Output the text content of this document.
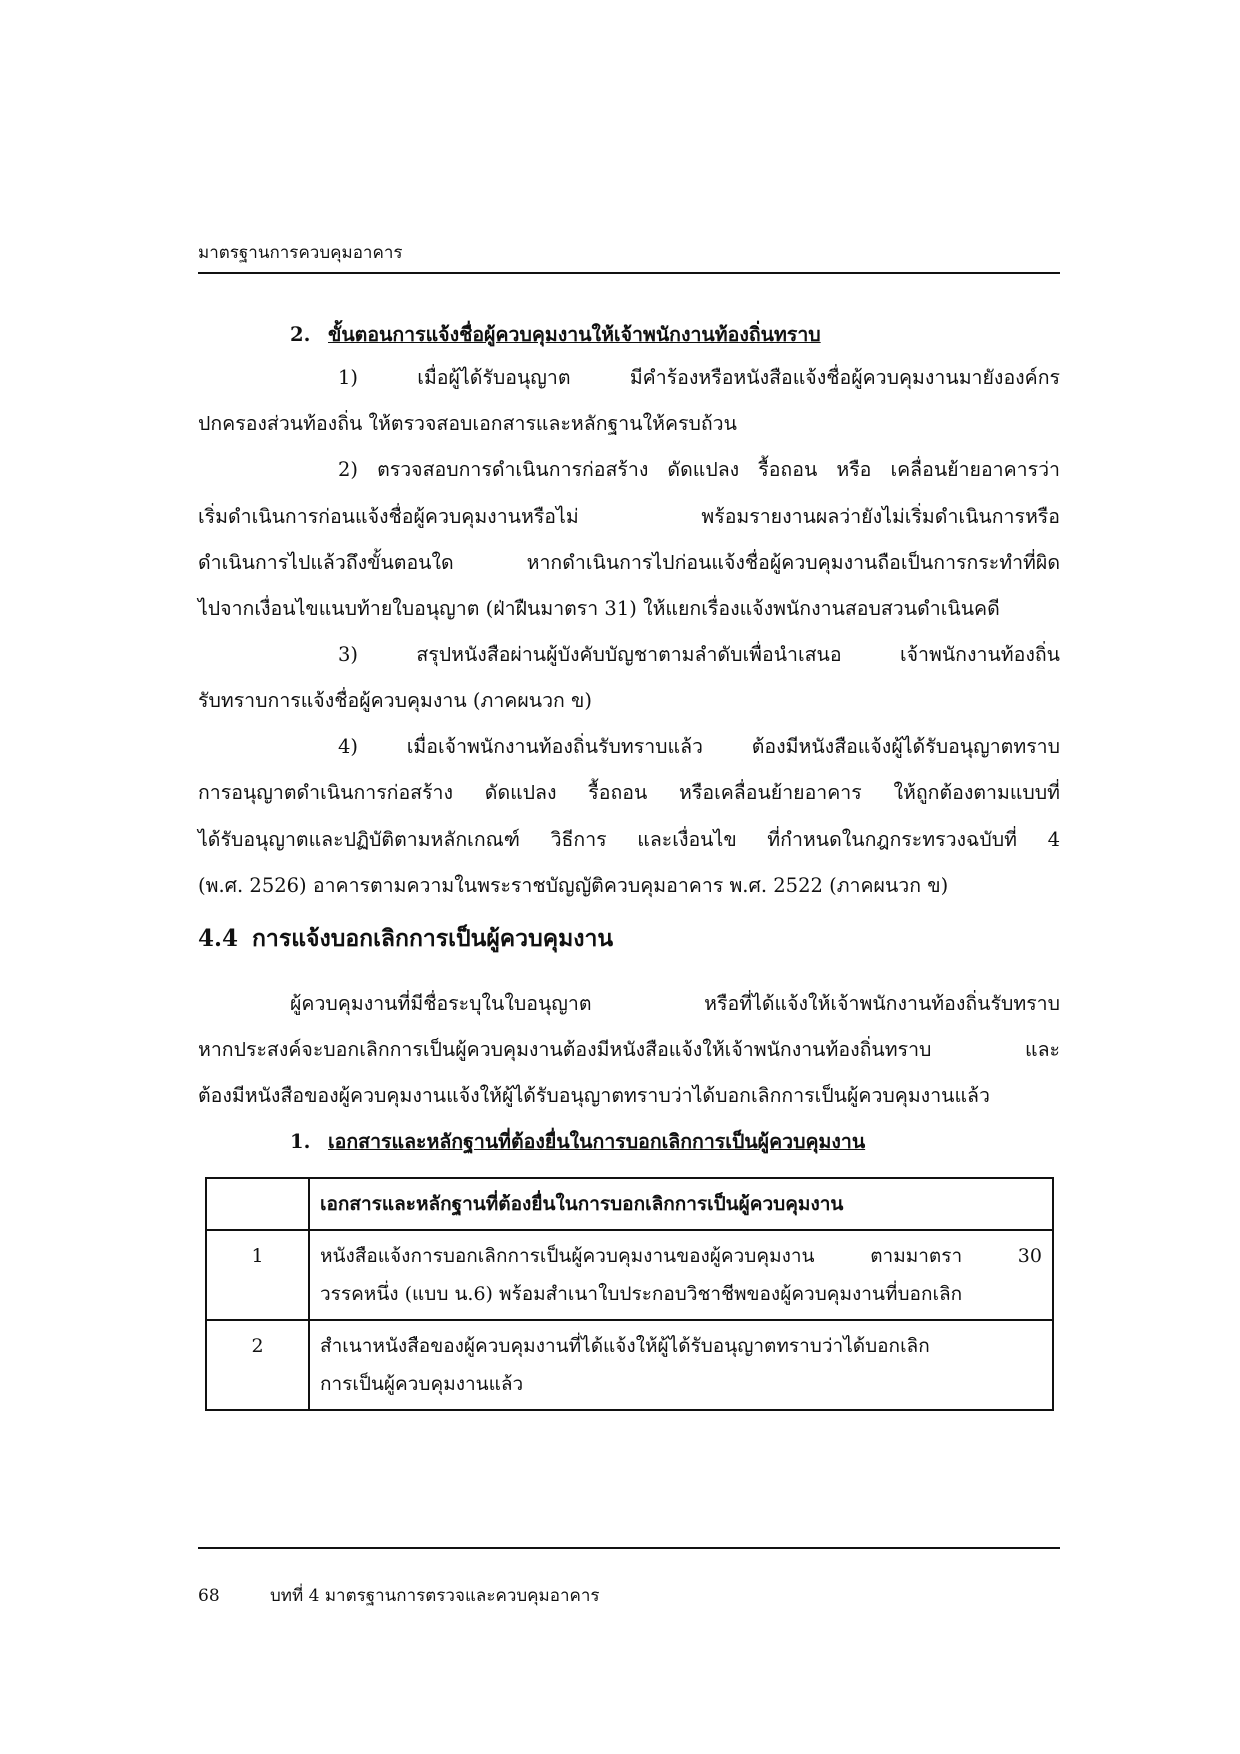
มาตรฐานการควบคุมอาคาร
2. ขั้นตอนการแจ้งชื่อผู้ควบคุมงานให้เจ้าพนักงานท้องถิ่นทราบ
1) เมื่อผู้ได้รับอนุญาต มีคำร้องหรือหนังสือแจ้งชื่อผู้ควบคุมงานมายังองค์กร
ปกครองส่วนท้องถิ่น ให้ตรวจสอบเอกสารและหลักฐานให้ครบถ้วน
2) ตรวจสอบการดำเนินการก่อสร้าง ดัดแปลง รื้อถอน หรือ เคลื่อนย้ายอาคารว่า
เริ่มดำเนินการก่อนแจ้งชื่อผู้ควบคุมงานหรือไม่ พร้อมรายงานผลว่ายังไม่เริ่มดำเนินการหรือ
ดำเนินการไปแล้วถึงขั้นตอนใด หากดำเนินการไปก่อนแจ้งชื่อผู้ควบคุมงานถือเป็นการกระทำที่ผิด
ไปจากเงื่อนไขแนบท้ายใบอนุญาต (ฝ่าฝืนมาตรา 31) ให้แยกเรื่องแจ้งพนักงานสอบสวนดำเนินคดี
3) สรุปหนังสือผ่านผู้บังคับบัญชาตามลำดับเพื่อนำเสนอ เจ้าพนักงานท้องถิ่น
รับทราบการแจ้งชื่อผู้ควบคุมงาน (ภาคผนวก ข)
4) เมื่อเจ้าพนักงานท้องถิ่นรับทราบแล้ว ต้องมีหนังสือแจ้งผู้ได้รับอนุญาตทราบ
การอนุญาตดำเนินการก่อสร้าง ดัดแปลง รื้อถอน หรือเคลื่อนย้ายอาคาร ให้ถูกต้องตามแบบที่
ได้รับอนุญาตและปฏิบัติตามหลักเกณฑ์ วิธีการ และเงื่อนไข ที่กำหนดในกฎกระทรวงฉบับที่ 4
(พ.ศ. 2526) อาคารตามความในพระราชบัญญัติควบคุมอาคาร พ.ศ. 2522 (ภาคผนวก ข)
4.4 การแจ้งบอกเลิกการเป็นผู้ควบคุมงาน
ผู้ควบคุมงานที่มีชื่อระบุในใบอนุญาต หรือที่ได้แจ้งให้เจ้าพนักงานท้องถิ่นรับทราบ
หากประสงค์จะบอกเลิกการเป็นผู้ควบคุมงานต้องมีหนังสือแจ้งให้เจ้าพนักงานท้องถิ่นทราบ และ
ต้องมีหนังสือของผู้ควบคุมงานแจ้งให้ผู้ได้รับอนุญาตทราบว่าได้บอกเลิกการเป็นผู้ควบคุมงานแล้ว
1. เอกสารและหลักฐานที่ต้องยื่นในการบอกเลิกการเป็นผู้ควบคุมงาน
	เอกสารและหลักฐานที่ต้องยื่นในการบอกเลิกการเป็นผู้ควบคุมงาน
1	หนังสือแจ้งการบอกเลิกการเป็นผู้ควบคุมงานของผู้ควบคุมงาน ตามมาตรา 30
วรรคหนึ่ง (แบบ น.6) พร้อมสำเนาใบประกอบวิชาชีพของผู้ควบคุมงานที่บอกเลิก

2	สำเนาหนังสือของผู้ควบคุมงานที่ได้แจ้งให้ผู้ได้รับอนุญาตทราบว่าได้บอกเลิก
การเป็นผู้ควบคุมงานแล้ว
68	บทที่ 4 มาตรฐานการตรวจและควบคุมอาคาร
